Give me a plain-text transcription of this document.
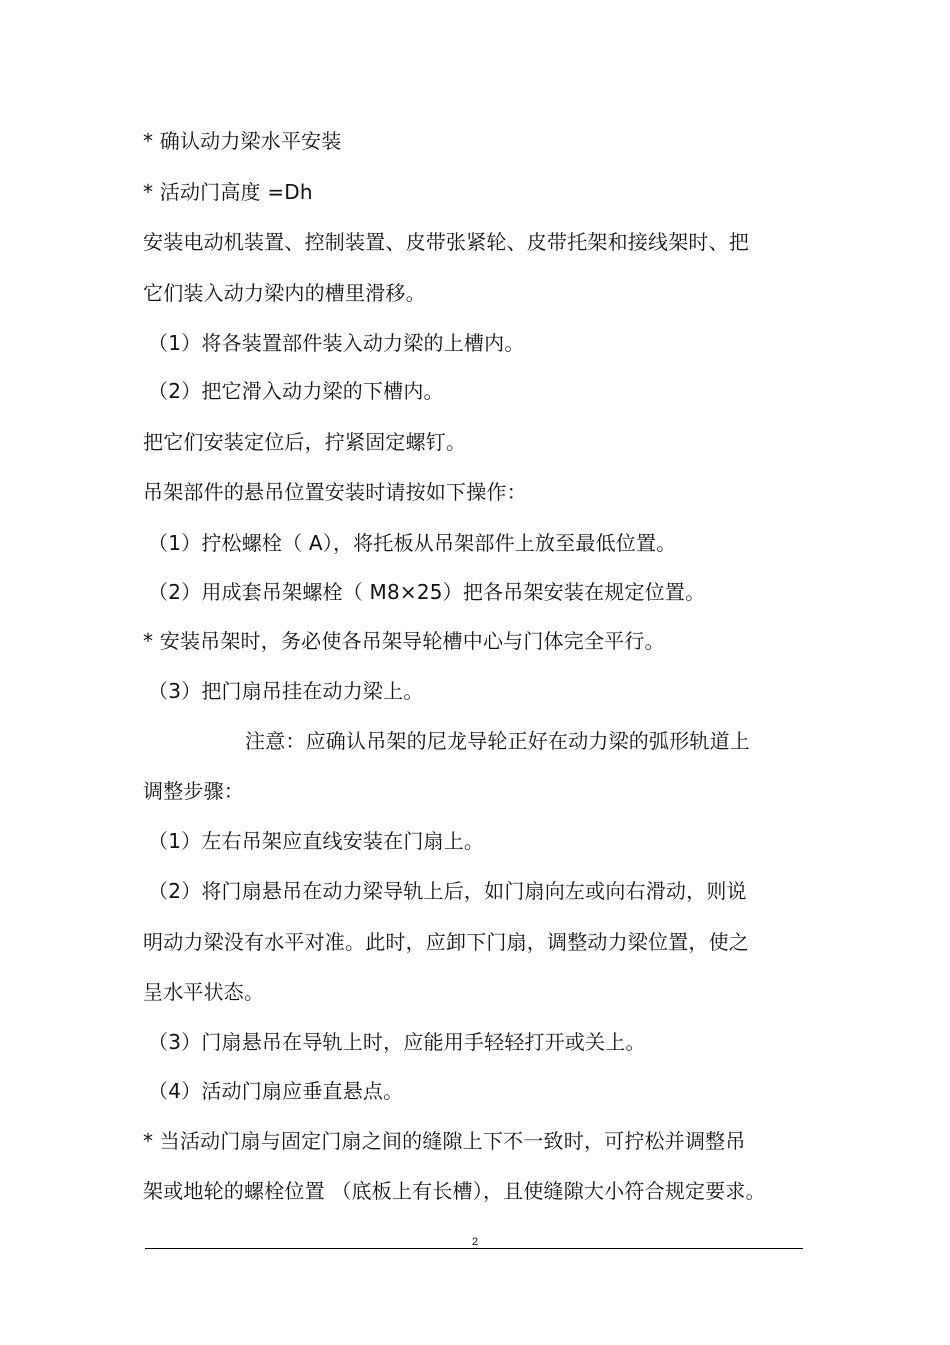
* 确认动力梁水平安装
* 活动门高度 =Dh
安装电动机装置、控制装置、皮带张紧轮、皮带托架和接线架时、把
它们装入动力梁内的槽里滑移。
（1）将各装置部件装入动力梁的上槽内。
（2）把它滑入动力梁的下槽内。
把它们安装定位后，拧紧固定螺钉。
吊架部件的悬吊位置安装时请按如下操作：
（1）拧松螺栓（ A），将托板从吊架部件上放至最低位置。
（2）用成套吊架螺栓（ M8×25）把各吊架安装在规定位置。
* 安装吊架时，务必使各吊架导轮槽中心与门体完全平行。
（3）把门扇吊挂在动力梁上。
注意：应确认吊架的尼龙导轮正好在动力梁的弧形轨道上
调整步骤：
（1）左右吊架应直线安装在门扇上。
（2）将门扇悬吊在动力梁导轨上后，如门扇向左或向右滑动，则说
明动力梁没有水平对准。此时，应卸下门扇，调整动力梁位置，使之
呈水平状态。
（3）门扇悬吊在导轨上时，应能用手轻轻打开或关上。
（4）活动门扇应垂直悬点。
* 当活动门扇与固定门扇之间的缝隙上下不一致时，可拧松并调整吊
架或地轮的螺栓位置 （底板上有长槽），且使缝隙大小符合规定要求。
2
